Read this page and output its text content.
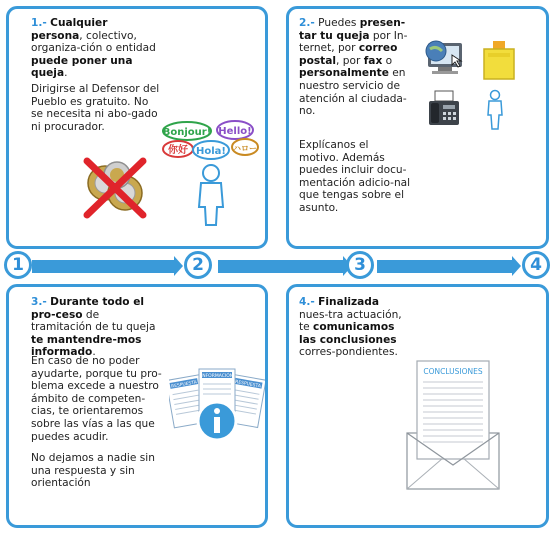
1.- Cualquier persona, colectivo, organiza-ción o entidad puede poner una queja.

Dirigirse al Defensor del Pueblo es gratuito. No se necesita ni abo-gado ni procurador.	Bonjour! Hello!
你好 Hola! ハロー

2.- Puedes presen-tar tu queja por In-ternet, por correo postal, por fax o personalmente en nuestro servicio de atención al ciudada-no.

Explícanos el motivo. Además puedes incluir docu-mentación adicio-nal que tengas sobre el asunto.
1	2	3	4

3.- Durante todo el pro-ceso de tramitación de tu queja te mantendre-mos informado.

En caso de no poder ayudarte, porque tu pro-blema excede a nuestro ámbito de competen-cias, te orientaremos sobre las vías a las que puedes acudir.
No dejamos a nadie sin una respuesta y sin orientación
RESPUESTA	RESPUESTA
INFORMACIÓN

4.- Finalizada nues-tra actuación, te comunicamos las conclusiones corres-pondientes.

CONCLUSIONES
